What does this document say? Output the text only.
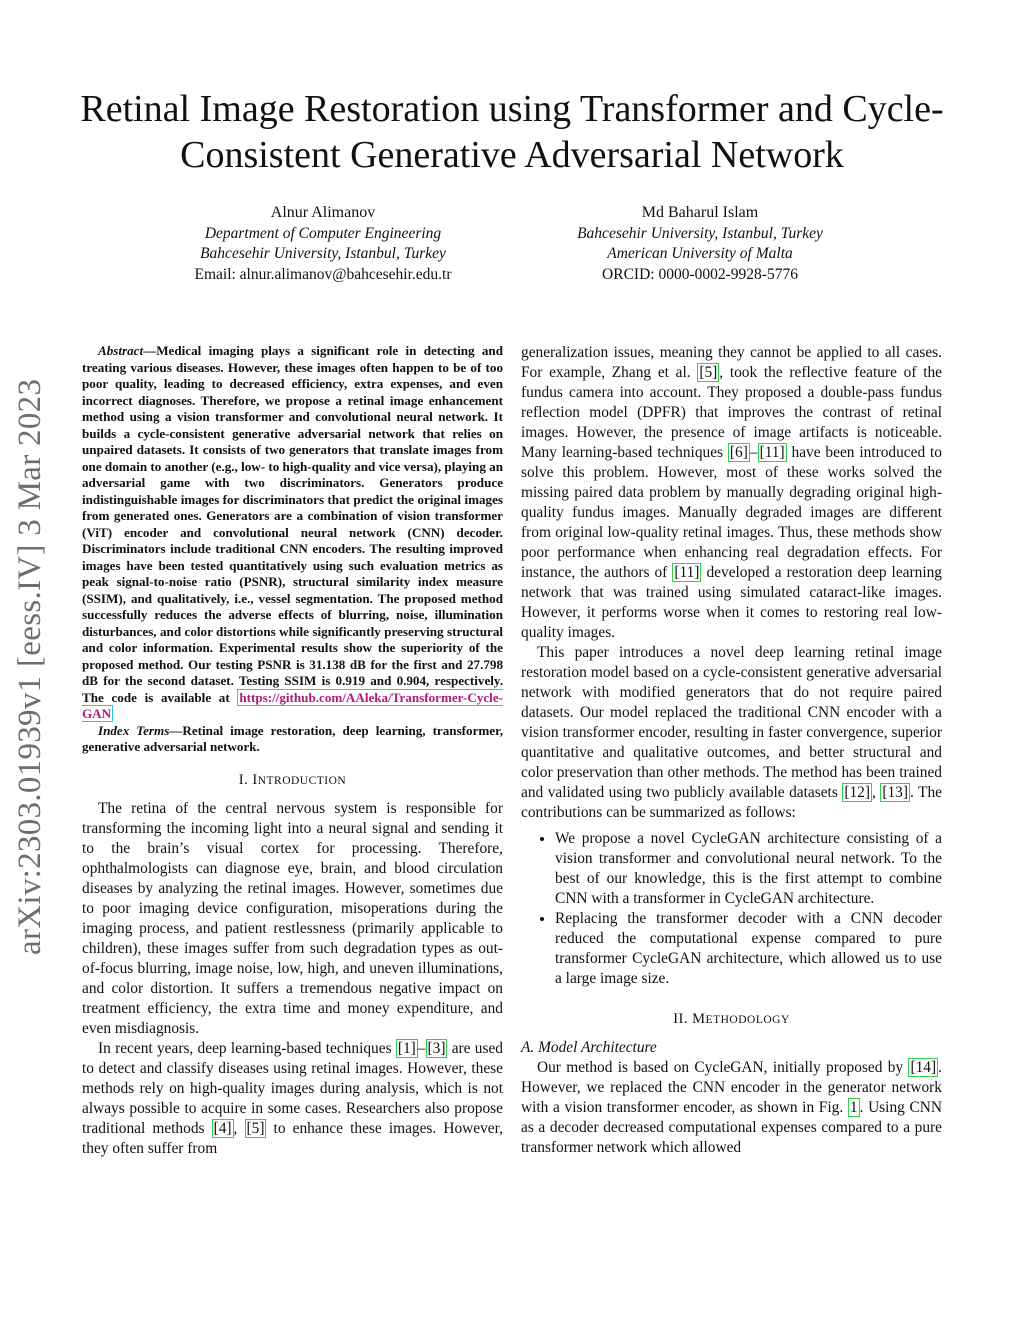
Retinal Image Restoration using Transformer and Cycle-Consistent Generative Adversarial Network
Alnur Alimanov
Department of Computer Engineering
Bahcesehir University, Istanbul, Turkey
Email: alnur.alimanov@bahcesehir.edu.tr
Md Baharul Islam
Bahcesehir University, Istanbul, Turkey
American University of Malta
ORCID: 0000-0002-9928-5776
arXiv:2303.01939v1 [eess.IV] 3 Mar 2023

Abstract—Medical imaging plays a significant role in detecting and treating various diseases. However, these images often happen to be of too poor quality, leading to decreased efficiency, extra expenses, and even incorrect diagnoses. Therefore, we propose a retinal image enhancement method using a vision transformer and convolutional neural network. It builds a cycle-consistent generative adversarial network that relies on unpaired datasets. It consists of two generators that translate images from one domain to another (e.g., low- to high-quality and vice versa), playing an adversarial game with two discriminators. Generators produce indistinguishable images for discriminators that predict the original images from generated ones. Generators are a combination of vision transformer (ViT) encoder and convolutional neural network (CNN) decoder. Discriminators include traditional CNN encoders. The resulting improved images have been tested quantitatively using such evaluation metrics as peak signal-to-noise ratio (PSNR), structural similarity index measure (SSIM), and qualitatively, i.e., vessel segmentation. The proposed method successfully reduces the adverse effects of blurring, noise, illumination disturbances, and color distortions while significantly preserving structural and color information. Experimental results show the superiority of the proposed method. Our testing PSNR is 31.138 dB for the first and 27.798 dB for the second dataset. Testing SSIM is 0.919 and 0.904, respectively. The code is available at https://github.com/AAleka/Transformer-Cycle-GAN

Index Terms—Retinal image restoration, deep learning, transformer, generative adversarial network.

I. INTRODUCTION

The retina of the central nervous system is responsible for transforming the incoming light into a neural signal and sending it to the brain’s visual cortex for processing. Therefore, ophthalmologists can diagnose eye, brain, and blood circulation diseases by analyzing the retinal images. However, sometimes due to poor imaging device configuration, misoperations during the imaging process, and patient restlessness (primarily applicable to children), these images suffer from such degradation types as out-of-focus blurring, image noise, low, high, and uneven illuminations, and color distortion. It suffers a tremendous negative impact on treatment efficiency, the extra time and money expenditure, and even misdiagnosis.

In recent years, deep learning-based techniques [1] – [3] are used to detect and classify diseases using retinal images. However, these methods rely on high-quality images during analysis, which is not always possible to acquire in some cases. Researchers also propose traditional methods [4] , [5] to enhance these images. However, they often suffer from

generalization issues, meaning they cannot be applied to all cases. For example, Zhang et al. [5] , took the reflective feature of the fundus camera into account. They proposed a double-pass fundus reflection model (DPFR) that improves the contrast of retinal images. However, the presence of image artifacts is noticeable. Many learning-based techniques [6] – [11] have been introduced to solve this problem. However, most of these works solved the missing paired data problem by manually degrading original high-quality fundus images. Manually degraded images are different from original low-quality retinal images. Thus, these methods show poor performance when enhancing real degradation effects. For instance, the authors of [11] developed a restoration deep learning network that was trained using simulated cataract-like images. However, it performs worse when it comes to restoring real low-quality images.

This paper introduces a novel deep learning retinal image restoration model based on a cycle-consistent generative adversarial network with modified generators that do not require paired datasets. Our model replaced the traditional CNN encoder with a vision transformer encoder, resulting in faster convergence, superior quantitative and qualitative outcomes, and better structural and color preservation than other methods. The method has been trained and validated using two publicly available datasets [12] , [13] . The contributions can be summarized as follows:

• We propose a novel CycleGAN architecture consisting of a vision transformer and convolutional neural network. To the best of our knowledge, this is the first attempt to combine CNN with a transformer in CycleGAN architecture.
• Replacing the transformer decoder with a CNN decoder reduced the computational expense compared to pure transformer CycleGAN architecture, which allowed us to use a large image size.
II. METHODOLOGY

A. Model Architecture

Our method is based on CycleGAN, initially proposed by [14] . However, we replaced the CNN encoder in the generator network with a vision transformer encoder, as shown in Fig. 1 . Using CNN as a decoder decreased computational expenses compared to a pure transformer network which allowed
